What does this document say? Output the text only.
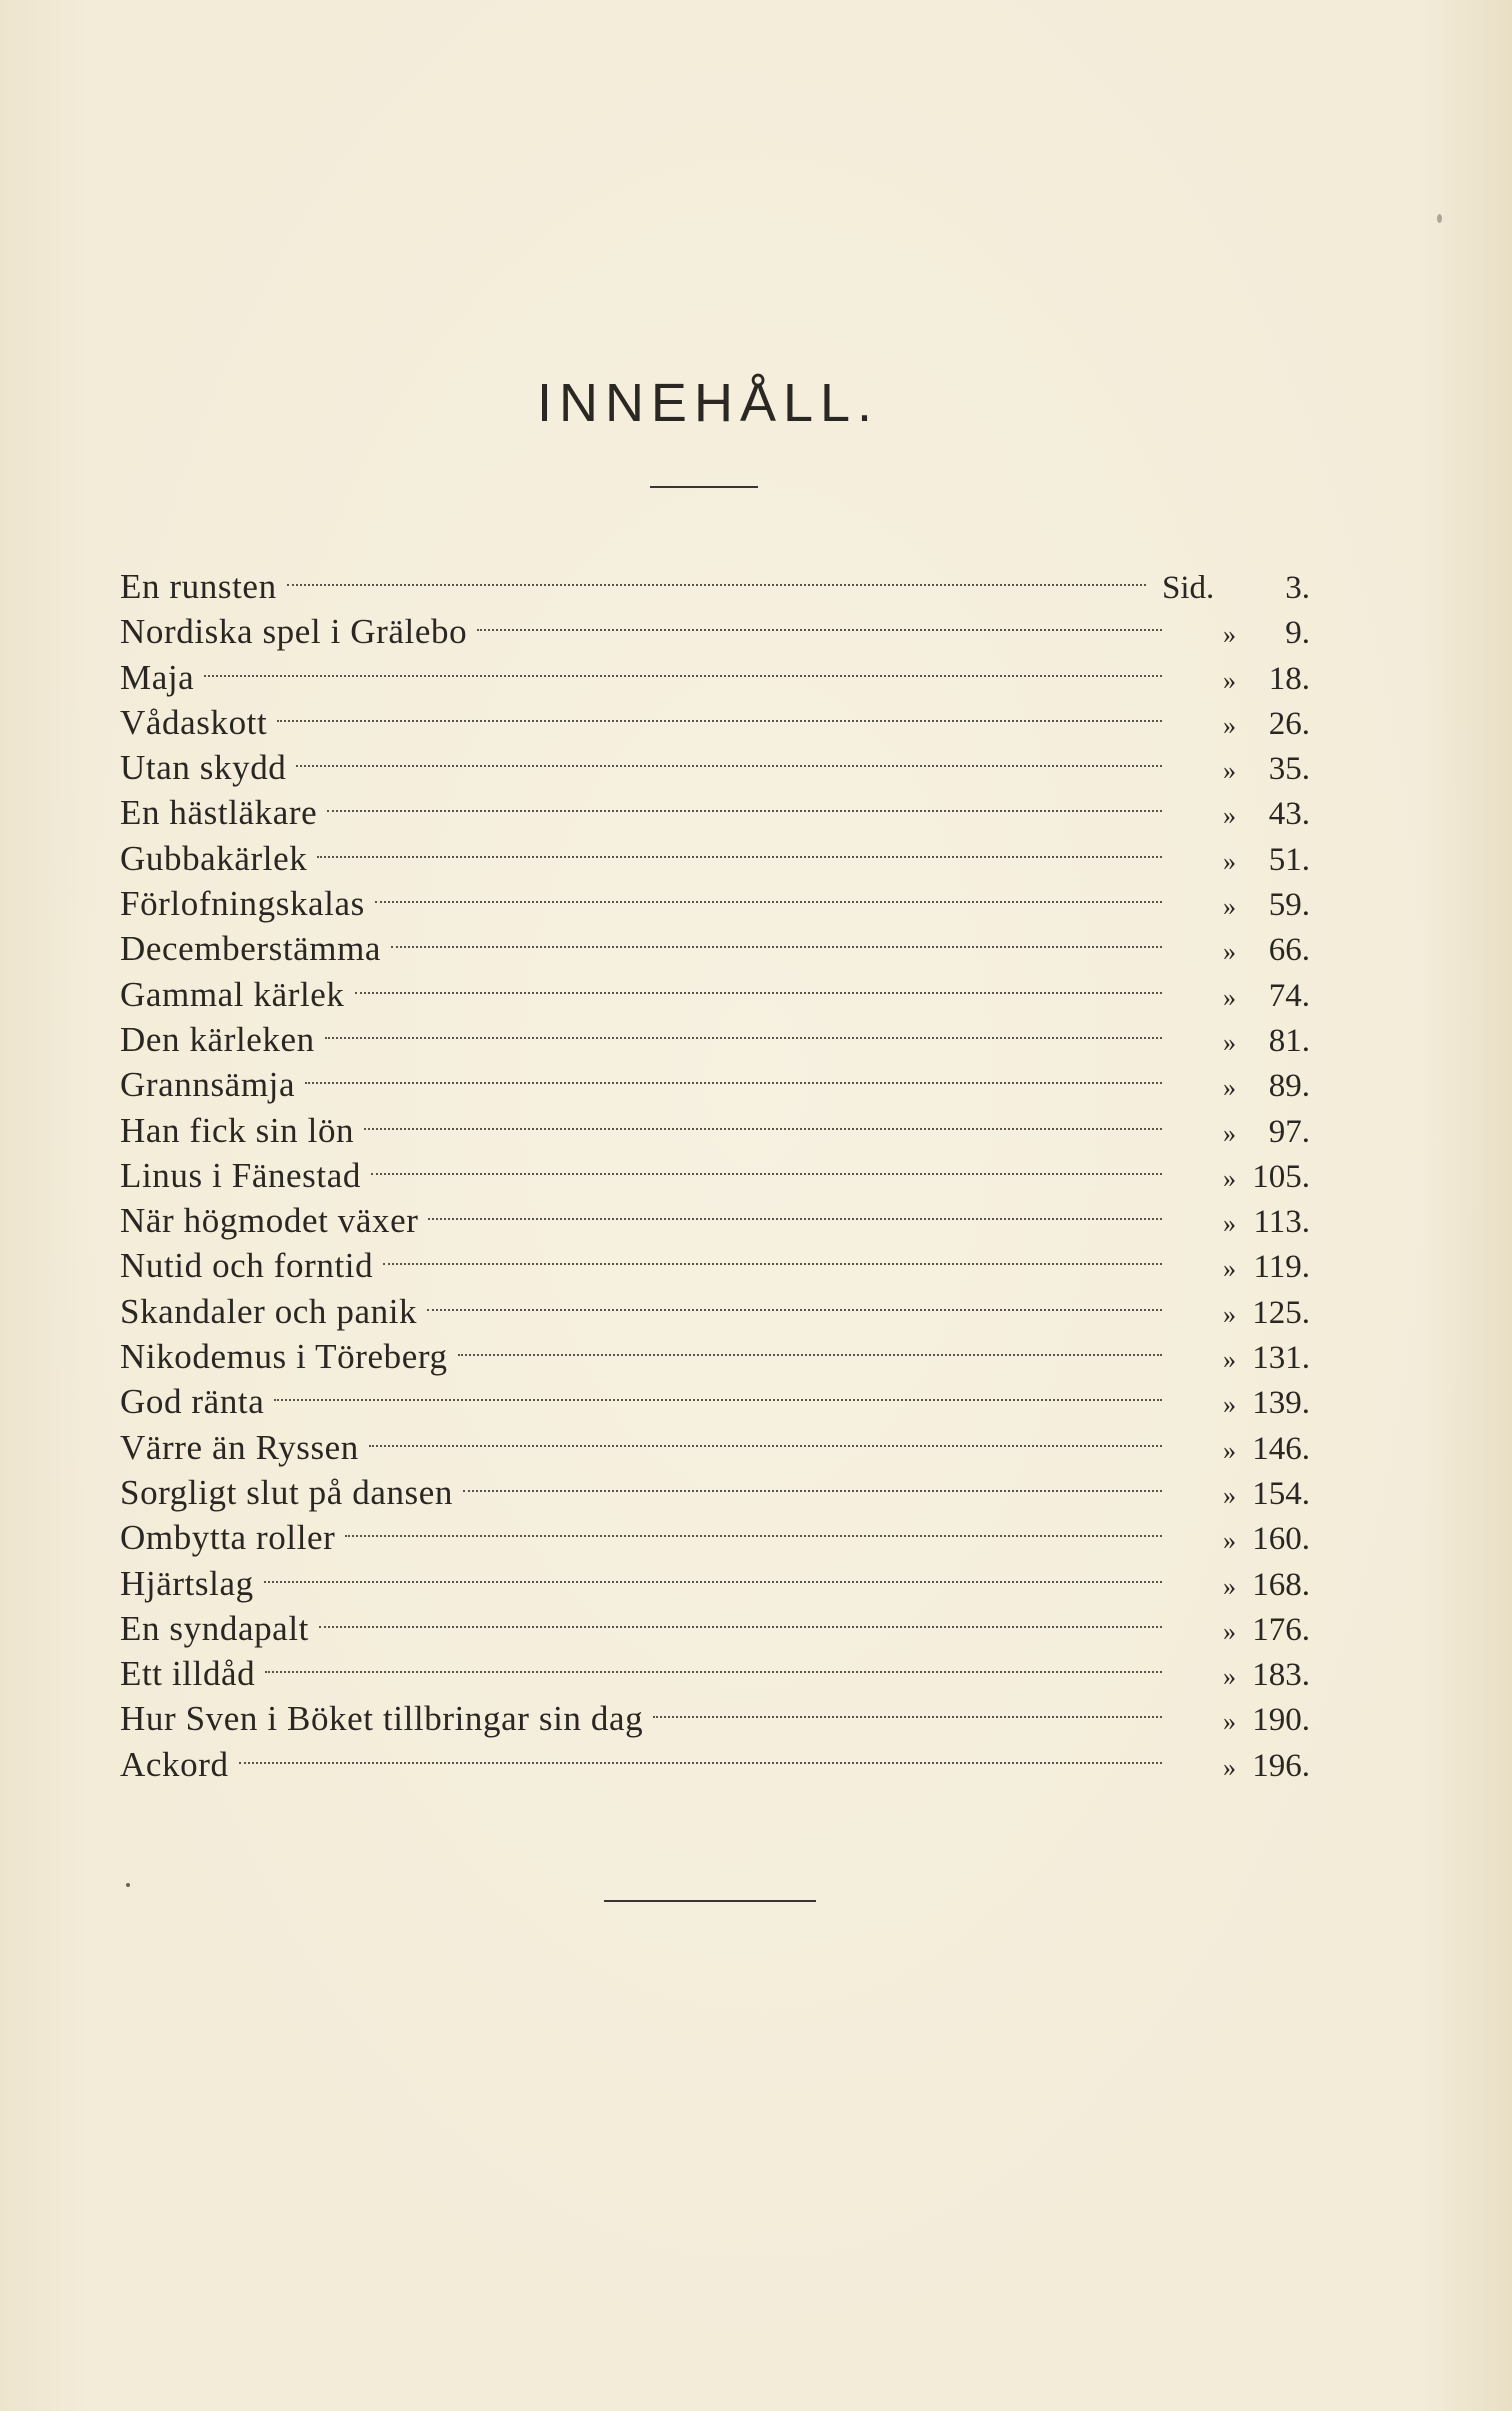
INNEHÅLL.
En runsten	Sid.	3.
Nordiska spel i Grälebo	»	9.
Maja	» 18.
Vådaskott	» 26.
Utan skydd	» 35.
En hästläkare	» 43.
Gubbakärlek	» 51.
Förlofningskalas	» 59.
Decemberstämma	» 66.
Gammal kärlek	» 74.
Den kärleken	» 81.
Grannsämja	» 89.
Han fick sin lön	» 97.
Linus i Fänestad	» 105.
När högmodet växer	» 113.
Nutid och forntid	» 119.
Skandaler och panik	» 125.
Nikodemus i Töreberg	» 131.
God ränta	» 139.
Värre än Ryssen	» 146.
Sorgligt slut på dansen	» 154.
Ombytta roller	» 160.
Hjärtslag	» 168.
En syndapalt	» 176.
Ett illdåd	» 183.
Hur Sven i Böket tillbringar sin dag	» 190.
Ackord	» 196.
